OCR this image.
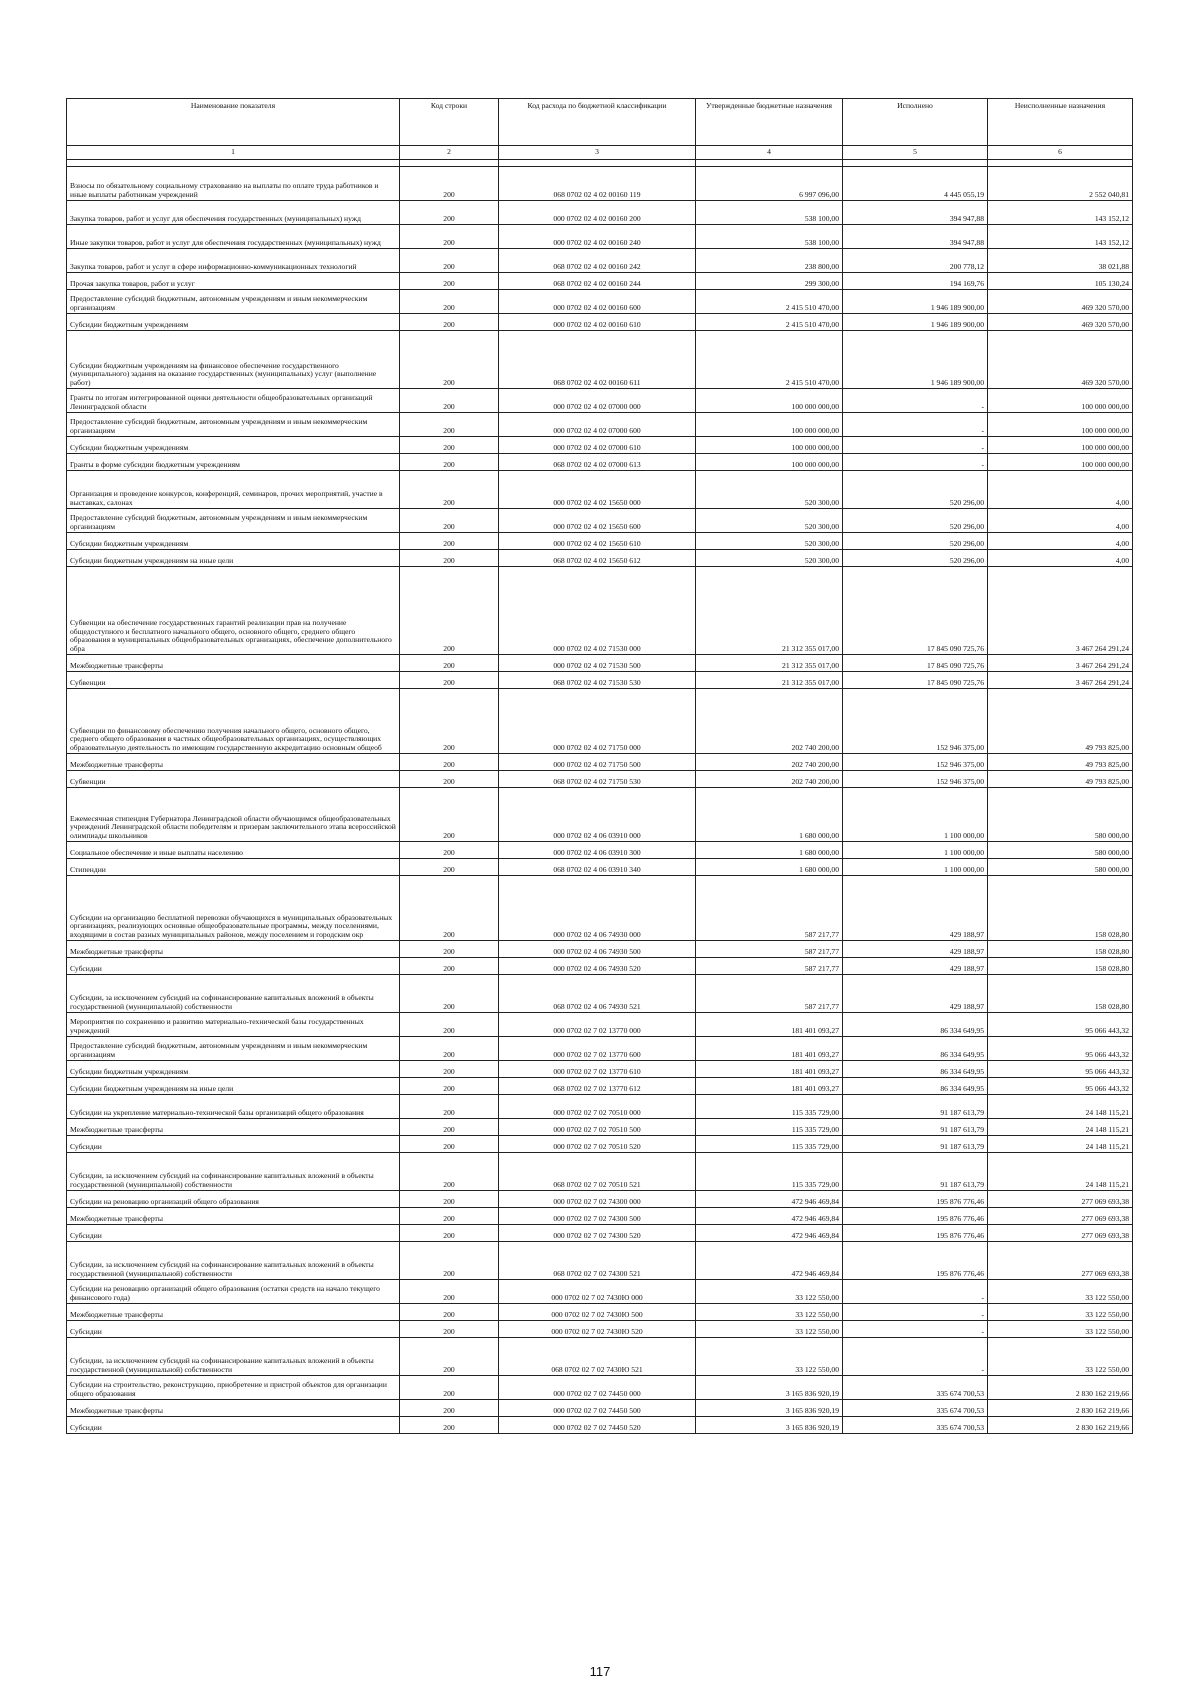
Наименование показателя	Код строки	Код расхода по бюджетной классификации	Утвержденные бюджетные назначения	Исполнено	Неисполненные назначения
1	2	3	4	5	6

Взносы по обязательному социальному страхованию на выплаты по оплате труда работников и иные выплаты работникам учреждений	200	068 0702 02 4 02 00160 119	6 997 096,00	4 445 055,19	2 552 040,81
Закупка товаров, работ и услуг для обеспечения государственных (муниципальных) нужд	200	000 0702 02 4 02 00160 200	538 100,00	394 947,88	143 152,12
Иные закупки товаров, работ и услуг для обеспечения государственных (муниципальных) нужд	200	000 0702 02 4 02 00160 240	538 100,00	394 947,88	143 152,12
Закупка товаров, работ и услуг в сфере информационно-коммуникационных технологий	200	068 0702 02 4 02 00160 242	238 800,00	200 778,12	38 021,88
Прочая закупка товаров, работ и услуг	200	068 0702 02 4 02 00160 244	299 300,00	194 169,76	105 130,24
Предоставление субсидий бюджетным, автономным учреждениям и иным некоммерческим организациям	200	000 0702 02 4 02 00160 600	2 415 510 470,00	1 946 189 900,00	469 320 570,00
Субсидии бюджетным учреждениям	200	000 0702 02 4 02 00160 610	2 415 510 470,00	1 946 189 900,00	469 320 570,00
Субсидии бюджетным учреждениям на финансовое обеспечение государственного (муниципального) задания на оказание государственных (муниципальных) услуг (выполнение работ)	200	068 0702 02 4 02 00160 611	2 415 510 470,00	1 946 189 900,00	469 320 570,00
Гранты по итогам интегрированной оценки деятельности общеобразовательных организаций Ленинградской области	200	000 0702 02 4 02 07000 000	100 000 000,00	-	100 000 000,00
Предоставление субсидий бюджетным, автономным учреждениям и иным некоммерческим организациям	200	000 0702 02 4 02 07000 600	100 000 000,00	-	100 000 000,00
Субсидии бюджетным учреждениям	200	000 0702 02 4 02 07000 610	100 000 000,00	-	100 000 000,00
Гранты в форме субсидии бюджетным учреждениям	200	068 0702 02 4 02 07000 613	100 000 000,00	-	100 000 000,00
Организация и проведение конкурсов, конференций, семинаров, прочих мероприятий, участие в выставках, салонах	200	000 0702 02 4 02 15650 000	520 300,00	520 296,00	4,00
Предоставление субсидий бюджетным, автономным учреждениям и иным некоммерческим организациям	200	000 0702 02 4 02 15650 600	520 300,00	520 296,00	4,00
Субсидии бюджетным учреждениям	200	000 0702 02 4 02 15650 610	520 300,00	520 296,00	4,00
Субсидии бюджетным учреждениям на иные цели	200	068 0702 02 4 02 15650 612	520 300,00	520 296,00	4,00
Субвенции на обеспечение государственных гарантий реализации прав на получение общедоступного и бесплатного начального общего, основного общего, среднего общего образования в муниципальных общеобразовательных организациях, обеспечение дополнительного обра	200	000 0702 02 4 02 71530 000	21 312 355 017,00	17 845 090 725,76	3 467 264 291,24
Межбюджетные трансферты	200	000 0702 02 4 02 71530 500	21 312 355 017,00	17 845 090 725,76	3 467 264 291,24
Субвенции	200	068 0702 02 4 02 71530 530	21 312 355 017,00	17 845 090 725,76	3 467 264 291,24
Субвенции по финансовому обеспечению получения начального общего, основного общего, среднего общего образования в частных общеобразовательных организациях, осуществляющих образовательную деятельность по имеющим государственную аккредитацию основным общеоб	200	000 0702 02 4 02 71750 000	202 740 200,00	152 946 375,00	49 793 825,00
Межбюджетные трансферты	200	000 0702 02 4 02 71750 500	202 740 200,00	152 946 375,00	49 793 825,00
Субвенции	200	068 0702 02 4 02 71750 530	202 740 200,00	152 946 375,00	49 793 825,00
Ежемесячная стипендия Губернатора Ленинградской области обучающимся общеобразовательных учреждений Ленинградской области победителям и призерам заключительного этапа всероссийской олимпиады школьников	200	000 0702 02 4 06 03910 000	1 680 000,00	1 100 000,00	580 000,00
Социальное обеспечение и иные выплаты населению	200	000 0702 02 4 06 03910 300	1 680 000,00	1 100 000,00	580 000,00
Стипендии	200	068 0702 02 4 06 03910 340	1 680 000,00	1 100 000,00	580 000,00
Субсидии на организацию бесплатной перевозки обучающихся в муниципальных образовательных организациях, реализующих основные общеобразовательные программы, между поселениями, входящими в состав разных муниципальных районов, между поселением и городским окр	200	000 0702 02 4 06 74930 000	587 217,77	429 188,97	158 028,80
Межбюджетные трансферты	200	000 0702 02 4 06 74930 500	587 217,77	429 188,97	158 028,80
Субсидии	200	000 0702 02 4 06 74930 520	587 217,77	429 188,97	158 028,80
Субсидии, за исключением субсидий на софинансирование капитальных вложений в объекты государственной (муниципальной) собственности	200	068 0702 02 4 06 74930 521	587 217,77	429 188,97	158 028,80
Мероприятия по сохранению и развитию материально-технической базы государственных учреждений	200	000 0702 02 7 02 13770 000	181 401 093,27	86 334 649,95	95 066 443,32
Предоставление субсидий бюджетным, автономным учреждениям и иным некоммерческим организациям	200	000 0702 02 7 02 13770 600	181 401 093,27	86 334 649,95	95 066 443,32
Субсидии бюджетным учреждениям	200	000 0702 02 7 02 13770 610	181 401 093,27	86 334 649,95	95 066 443,32
Субсидии бюджетным учреждениям на иные цели	200	068 0702 02 7 02 13770 612	181 401 093,27	86 334 649,95	95 066 443,32
Субсидии на укрепление материально-технической базы организаций общего образования	200	000 0702 02 7 02 70510 000	115 335 729,00	91 187 613,79	24 148 115,21
Межбюджетные трансферты	200	000 0702 02 7 02 70510 500	115 335 729,00	91 187 613,79	24 148 115,21
Субсидии	200	000 0702 02 7 02 70510 520	115 335 729,00	91 187 613,79	24 148 115,21
Субсидии, за исключением субсидий на софинансирование капитальных вложений в объекты государственной (муниципальной) собственности	200	068 0702 02 7 02 70510 521	115 335 729,00	91 187 613,79	24 148 115,21
Субсидии на реновацию организаций общего образования	200	000 0702 02 7 02 74300 000	472 946 469,84	195 876 776,46	277 069 693,38
Межбюджетные трансферты	200	000 0702 02 7 02 74300 500	472 946 469,84	195 876 776,46	277 069 693,38
Субсидии	200	000 0702 02 7 02 74300 520	472 946 469,84	195 876 776,46	277 069 693,38
Субсидии, за исключением субсидий на софинансирование капитальных вложений в объекты государственной (муниципальной) собственности	200	068 0702 02 7 02 74300 521	472 946 469,84	195 876 776,46	277 069 693,38
Субсидии на реновацию организаций общего образования (остатки средств на начало текущего финансового года)	200	000 0702 02 7 02 7430Ю 000	33 122 550,00	-	33 122 550,00
Межбюджетные трансферты	200	000 0702 02 7 02 7430Ю 500	33 122 550,00	-	33 122 550,00
Субсидии	200	000 0702 02 7 02 7430Ю 520	33 122 550,00	-	33 122 550,00
Субсидии, за исключением субсидий на софинансирование капитальных вложений в объекты государственной (муниципальной) собственности	200	068 0702 02 7 02 7430Ю 521	33 122 550,00	-	33 122 550,00
Субсидии на строительство, реконструкцию, приобретение и пристрой объектов для организации общего образования	200	000 0702 02 7 02 74450 000	3 165 836 920,19	335 674 700,53	2 830 162 219,66
Межбюджетные трансферты	200	000 0702 02 7 02 74450 500	3 165 836 920,19	335 674 700,53	2 830 162 219,66
Субсидии	200	000 0702 02 7 02 74450 520	3 165 836 920,19	335 674 700,53	2 830 162 219,66
117
